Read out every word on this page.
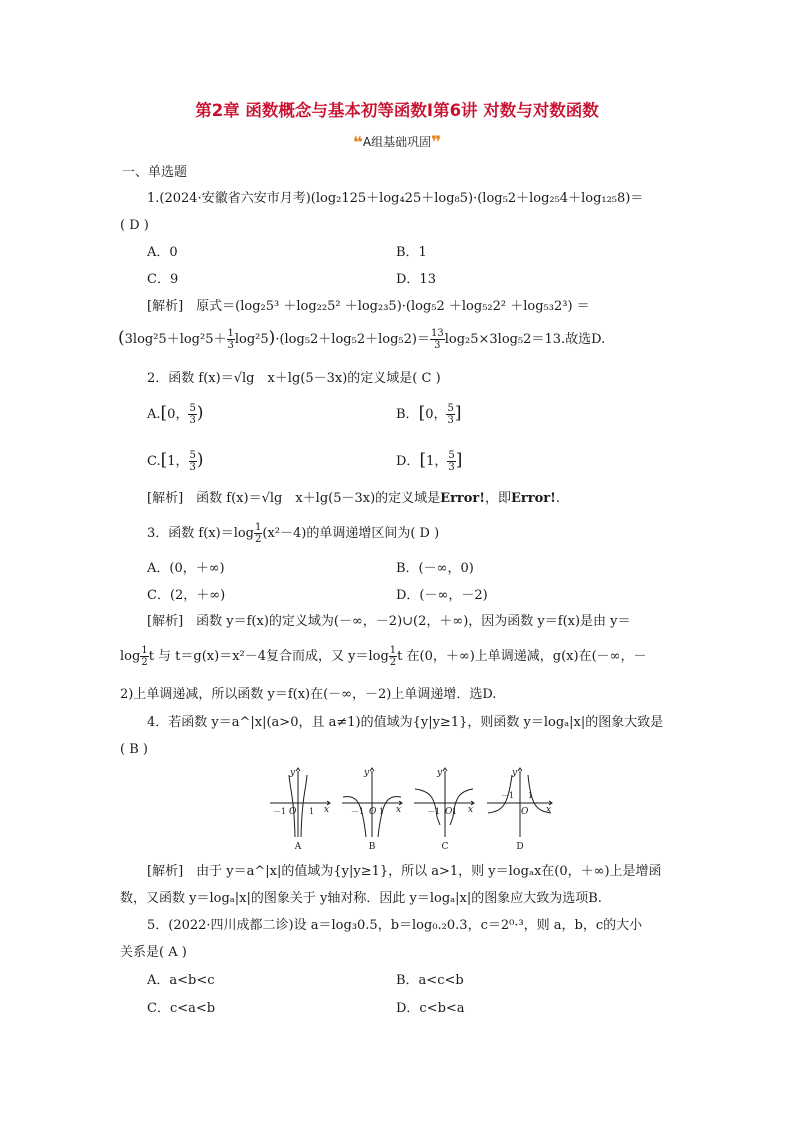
第2章 函数概念与基本初等函数Ⅰ第6讲 对数与对数函数
❝A组基础巩固❞
一、单选题
1.(2024·安徽省六安市月考)(log₂125＋log₄25＋log₈5)·(log₅2＋log₂₅4＋log₁₂₅8)＝
( D )
A．0	B．1
C．9	D．13
[解析]　原式＝(log₂5³ ＋log₂₂5² ＋log₂₃5)·(log₅2 ＋log₅₂2² ＋log₅₃2³) ＝
$(3\log^25+\log^25+ \frac{1}{3} \log^25)\cdot(\log_52+\log_52+\log_52)= \frac{13}{3} \log_25\times 3\log_52=13$.故选D.
2．函数 f(x)＝√lg　x＋lg(5－3x)的定义域是( C )
A.[0， $\frac{5}{3}$ )	B．[0， $\frac{5}{3}$ ]
C.[1， $\frac{5}{3}$ )	D．[1， $\frac{5}{3}$ ]
[解析]　函数 f(x)＝√lg　x＋lg(5－3x)的定义域是Error!，即Error!.
3．函数 $f(x)=\log \frac{1}{2} (x^2-4)$的单调递增区间为( D )
A．(0，＋∞)	B．(－∞，0)
C．(2，＋∞)	D．(－∞，－2)
[解析]　函数 y＝f(x)的定义域为(－∞，－2)∪(2，＋∞)，因为函数 y＝f(x)是由 y＝
$\log \frac{1}{2}$ t 与 t＝g(x)＝x²－4复合而成，又 $y=\log \frac{1}{2}$ t 在(0，＋∞)上单调递减，g(x)在(－∞，－
2)上单调递减，所以函数 y＝f(x)在(－∞，－2)上单调递增．选D.
4．若函数 y＝a^|x|(a>0，且 a≠1)的值域为{y|y≥1}，则函数 y＝logₐ|x|的图象大致是
( B )
y
x
O
y
x
O
y
x
O
y
x
O
－1	1	－1 1	－1 1
－1 1
A	B	C	D
[解析]　由于 y＝a^|x|的值域为{y|y≥1}，所以 a>1，则 y＝logₐx在(0，＋∞)上是增函
数，又函数 y＝logₐ|x|的图象关于 y轴对称．因此 y＝logₐ|x|的图象应大致为选项B.
5．(2022·四川成都二诊)设 a＝log₃0.5，b＝log₀.₂0.3，c＝2⁰·³，则 a，b，c的大小
关系是( A )
A．a<b<c	B．a<c<b
C．c<a<b	D．c<b<a
